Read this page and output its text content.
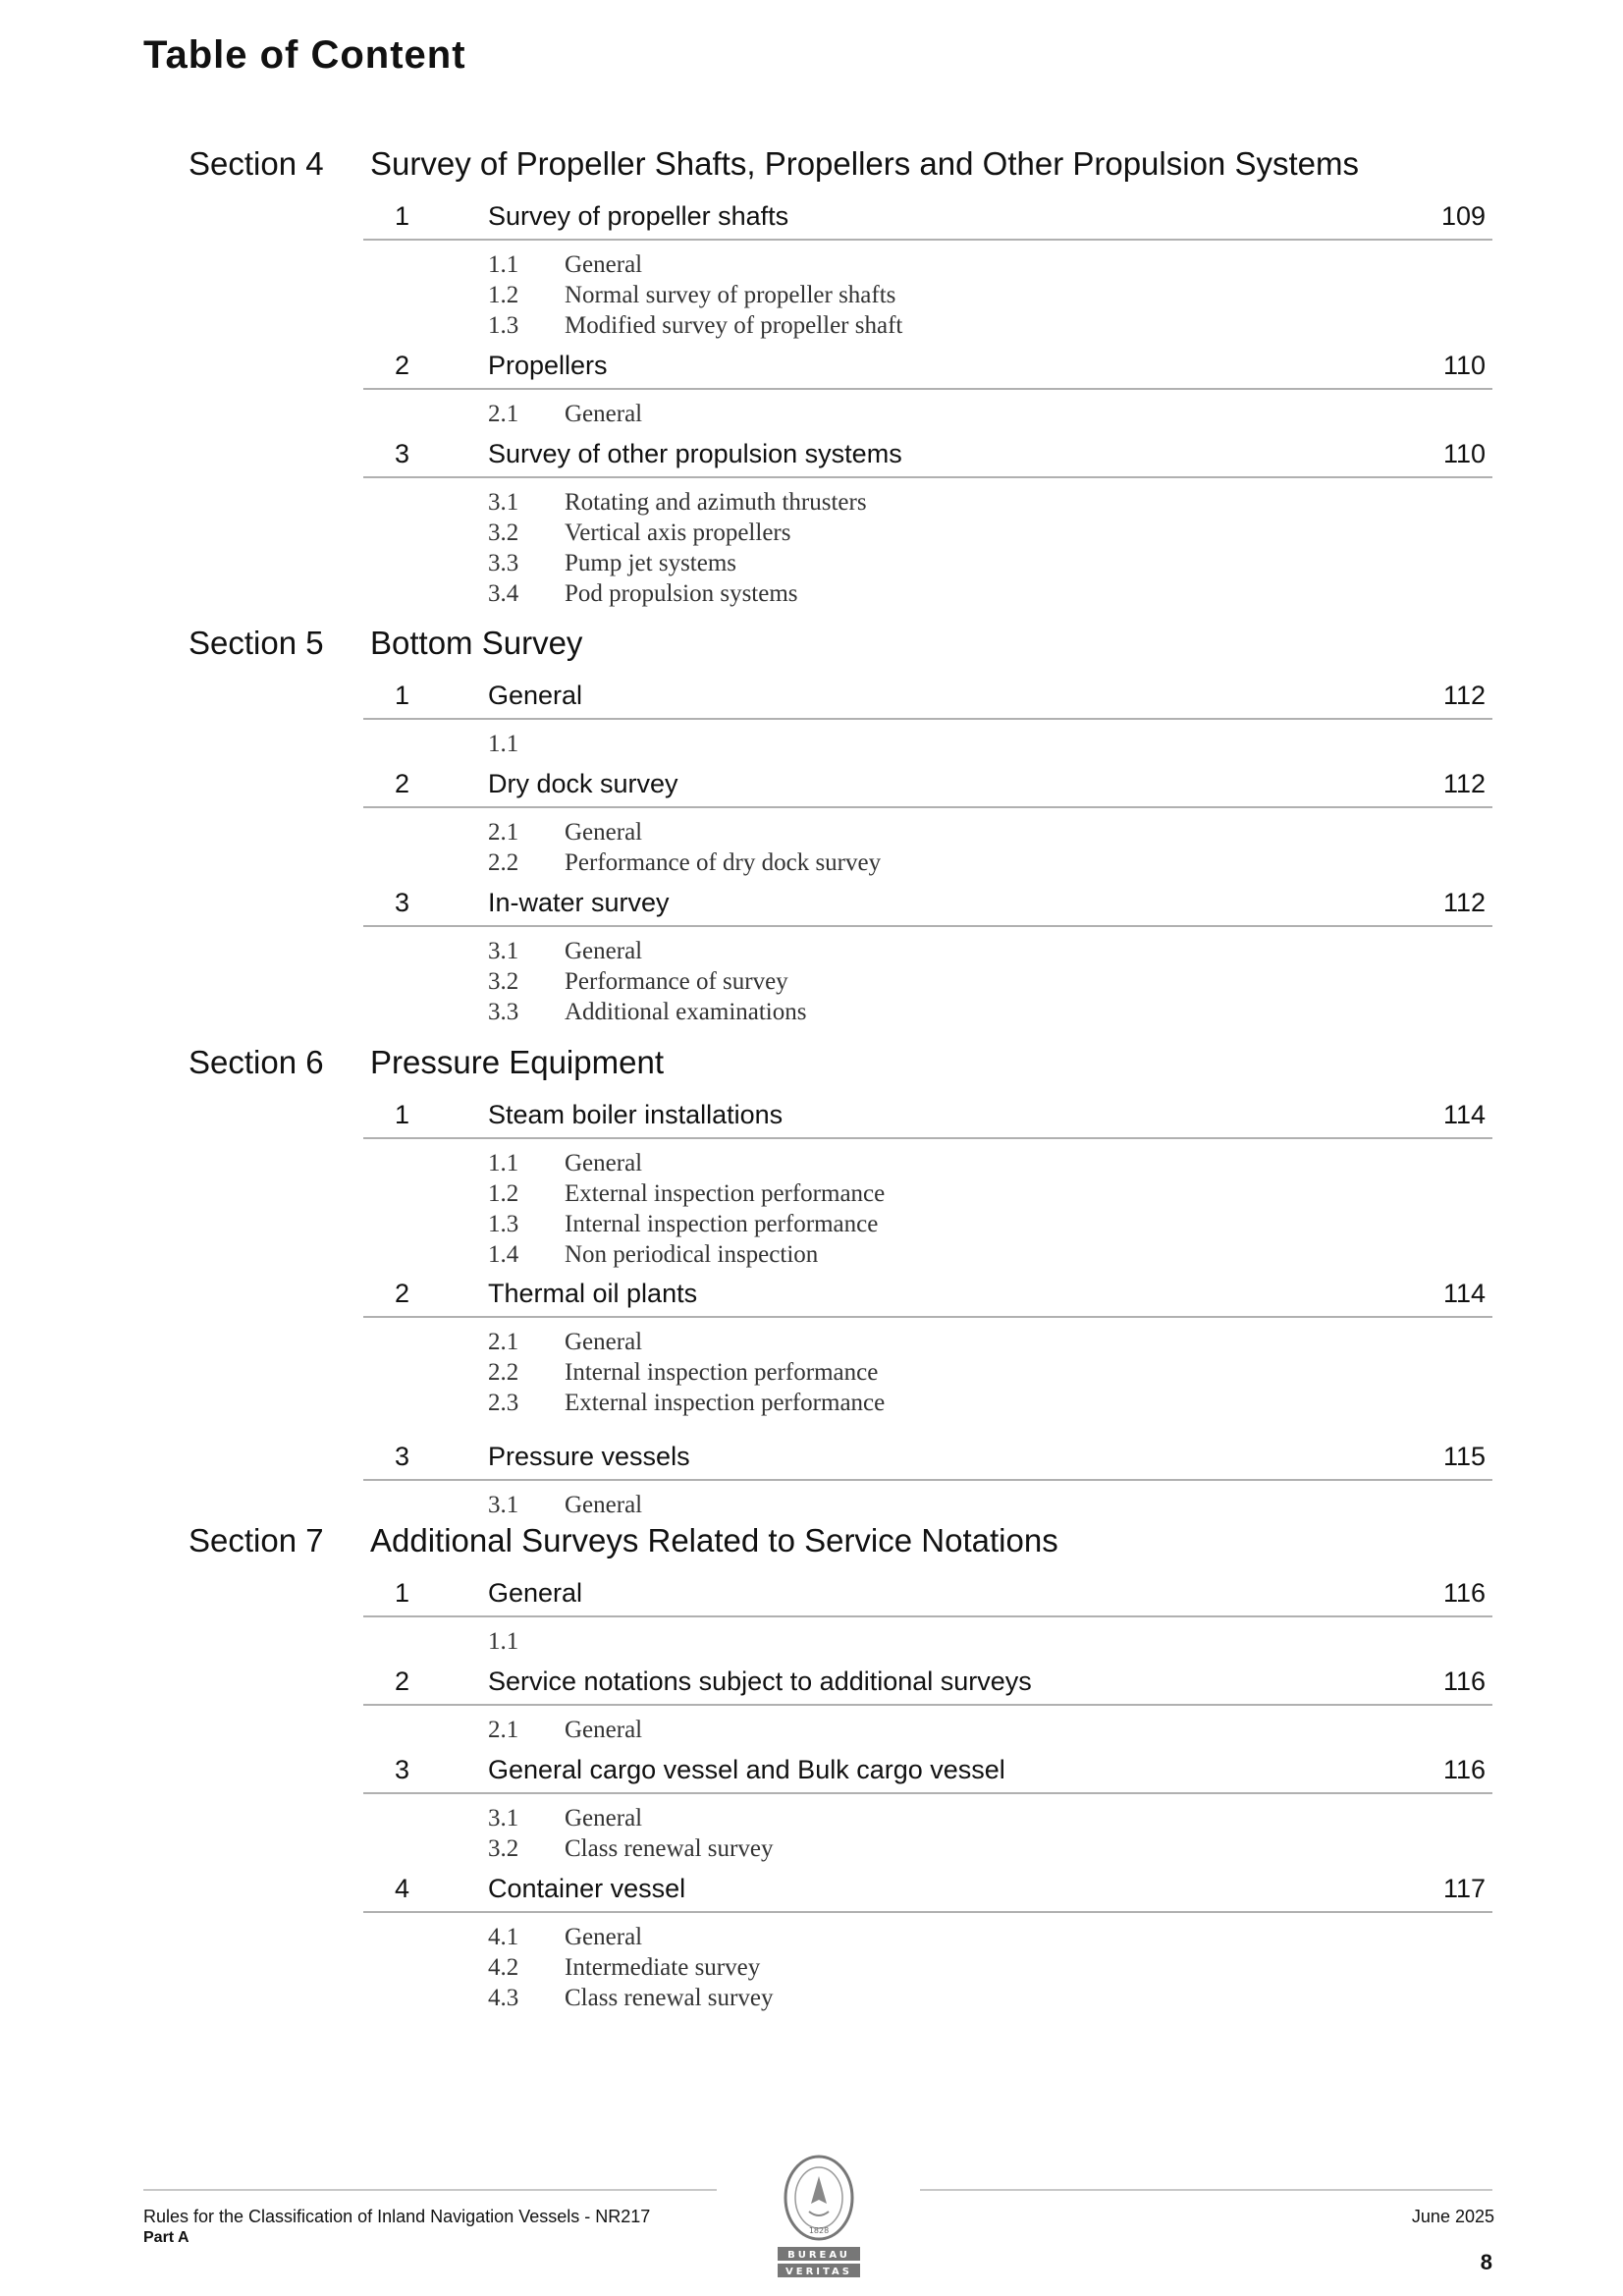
Table of Content
Section 4 Survey of Propeller Shafts, Propellers and Other Propulsion Systems
1	Survey of propeller shafts	109
1.1 General
1.2 Normal survey of propeller shafts
1.3 Modified survey of propeller shaft
2	Propellers	110
2.1 General
3	Survey of other propulsion systems	110
3.1 Rotating and azimuth thrusters
3.2 Vertical axis propellers
3.3 Pump jet systems
3.4 Pod propulsion systems
Section 5 Bottom Survey
1	General	112
1.1
2	Dry dock survey	112
2.1 General
2.2 Performance of dry dock survey
3	In-water survey	112
3.1 General
3.2 Performance of survey
3.3 Additional examinations
Section 6 Pressure Equipment
1	Steam boiler installations	114
1.1 General
1.2 External inspection performance
1.3 Internal inspection performance
1.4 Non periodical inspection
2	Thermal oil plants	114
2.1 General
2.2 Internal inspection performance
2.3 External inspection performance
3	Pressure vessels	115
3.1 General
Section 7 Additional Surveys Related to Service Notations
1	General	116
1.1
2	Service notations subject to additional surveys	116
2.1 General
3	General cargo vessel and Bulk cargo vessel	116
3.1 General
3.2 Class renewal survey
4	Container vessel	117
4.1 General
4.2 Intermediate survey
4.3 Class renewal survey
1828
BUREAU
VERITAS
Rules for the Classification of Inland Navigation Vessels - NR217
Part A
June 2025
8
